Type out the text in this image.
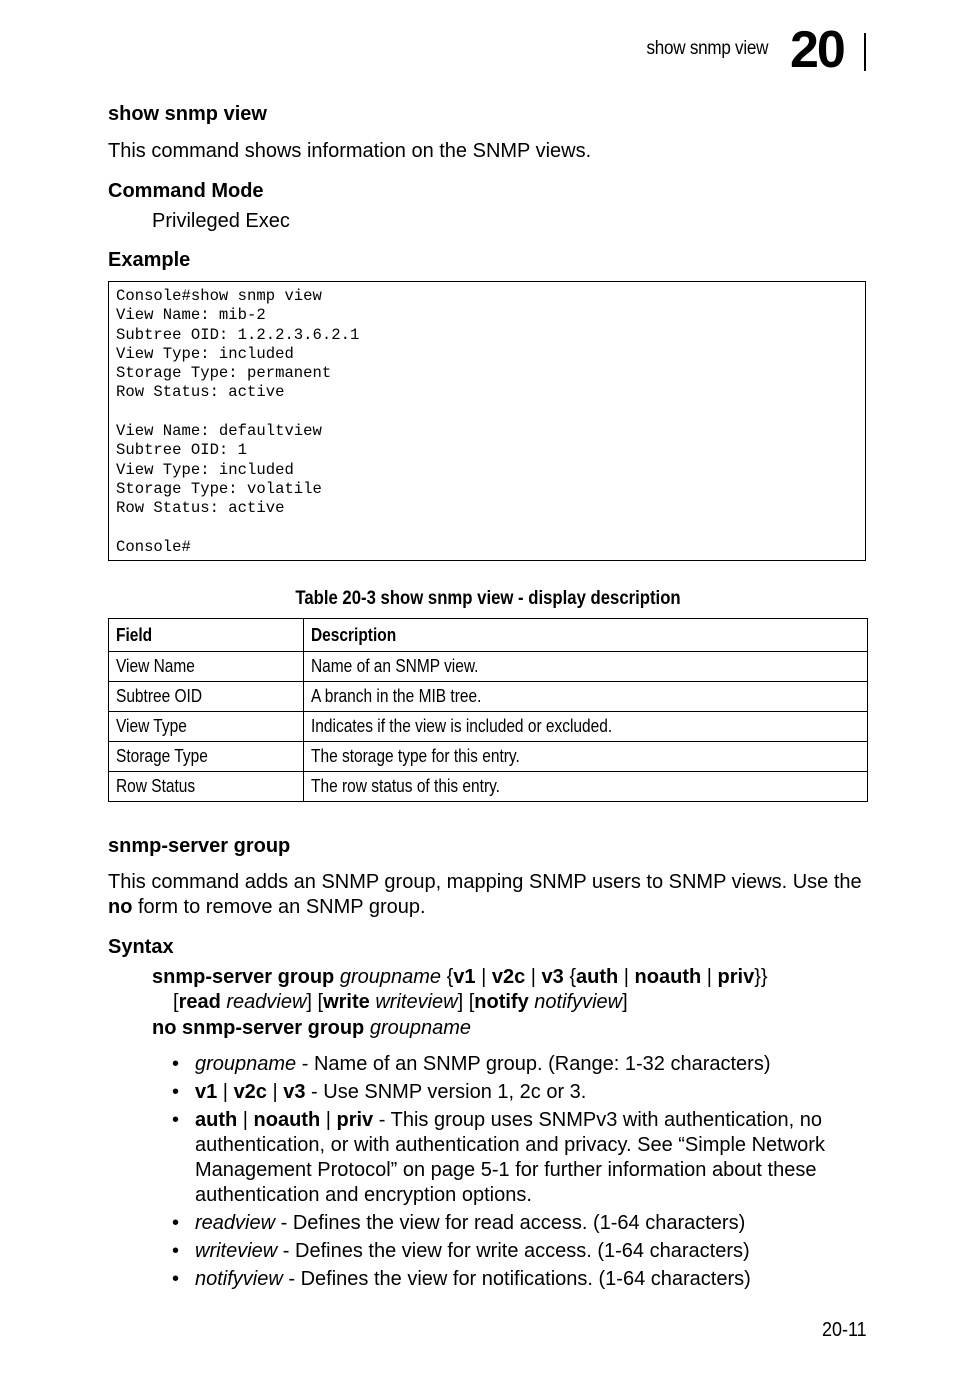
show snmp view 20
show snmp view
This command shows information on the SNMP views.
Command Mode
Privileged Exec
Example
Console#show snmp view
View Name: mib-2
Subtree OID: 1.2.2.3.6.2.1
View Type: included
Storage Type: permanent
Row Status: active

View Name: defaultview
Subtree OID: 1
View Type: included
Storage Type: volatile
Row Status: active

Console#
Table 20-3 show snmp view - display description
Field	Description
View Name	Name of an SNMP view.
Subtree OID	A branch in the MIB tree.
View Type	Indicates if the view is included or excluded.
Storage Type	The storage type for this entry.
Row Status	The row status of this entry.
snmp-server group
This command adds an SNMP group, mapping SNMP users to SNMP views. Use the no form to remove an SNMP group.
Syntax
snmp-server group groupname {v1 | v2c | v3 {auth | noauth | priv}}
[read readview] [write writeview] [notify notifyview]
no snmp-server group groupname
• groupname - Name of an SNMP group. (Range: 1-32 characters)
• v1 | v2c | v3 - Use SNMP version 1, 2c or 3.
• auth | noauth | priv - This group uses SNMPv3 with authentication, no authentication, or with authentication and privacy. See “Simple Network Management Protocol” on page 5-1 for further information about these authentication and encryption options.
• readview - Defines the view for read access. (1-64 characters)
• writeview - Defines the view for write access. (1-64 characters)
• notifyview - Defines the view for notifications. (1-64 characters)
20-11
